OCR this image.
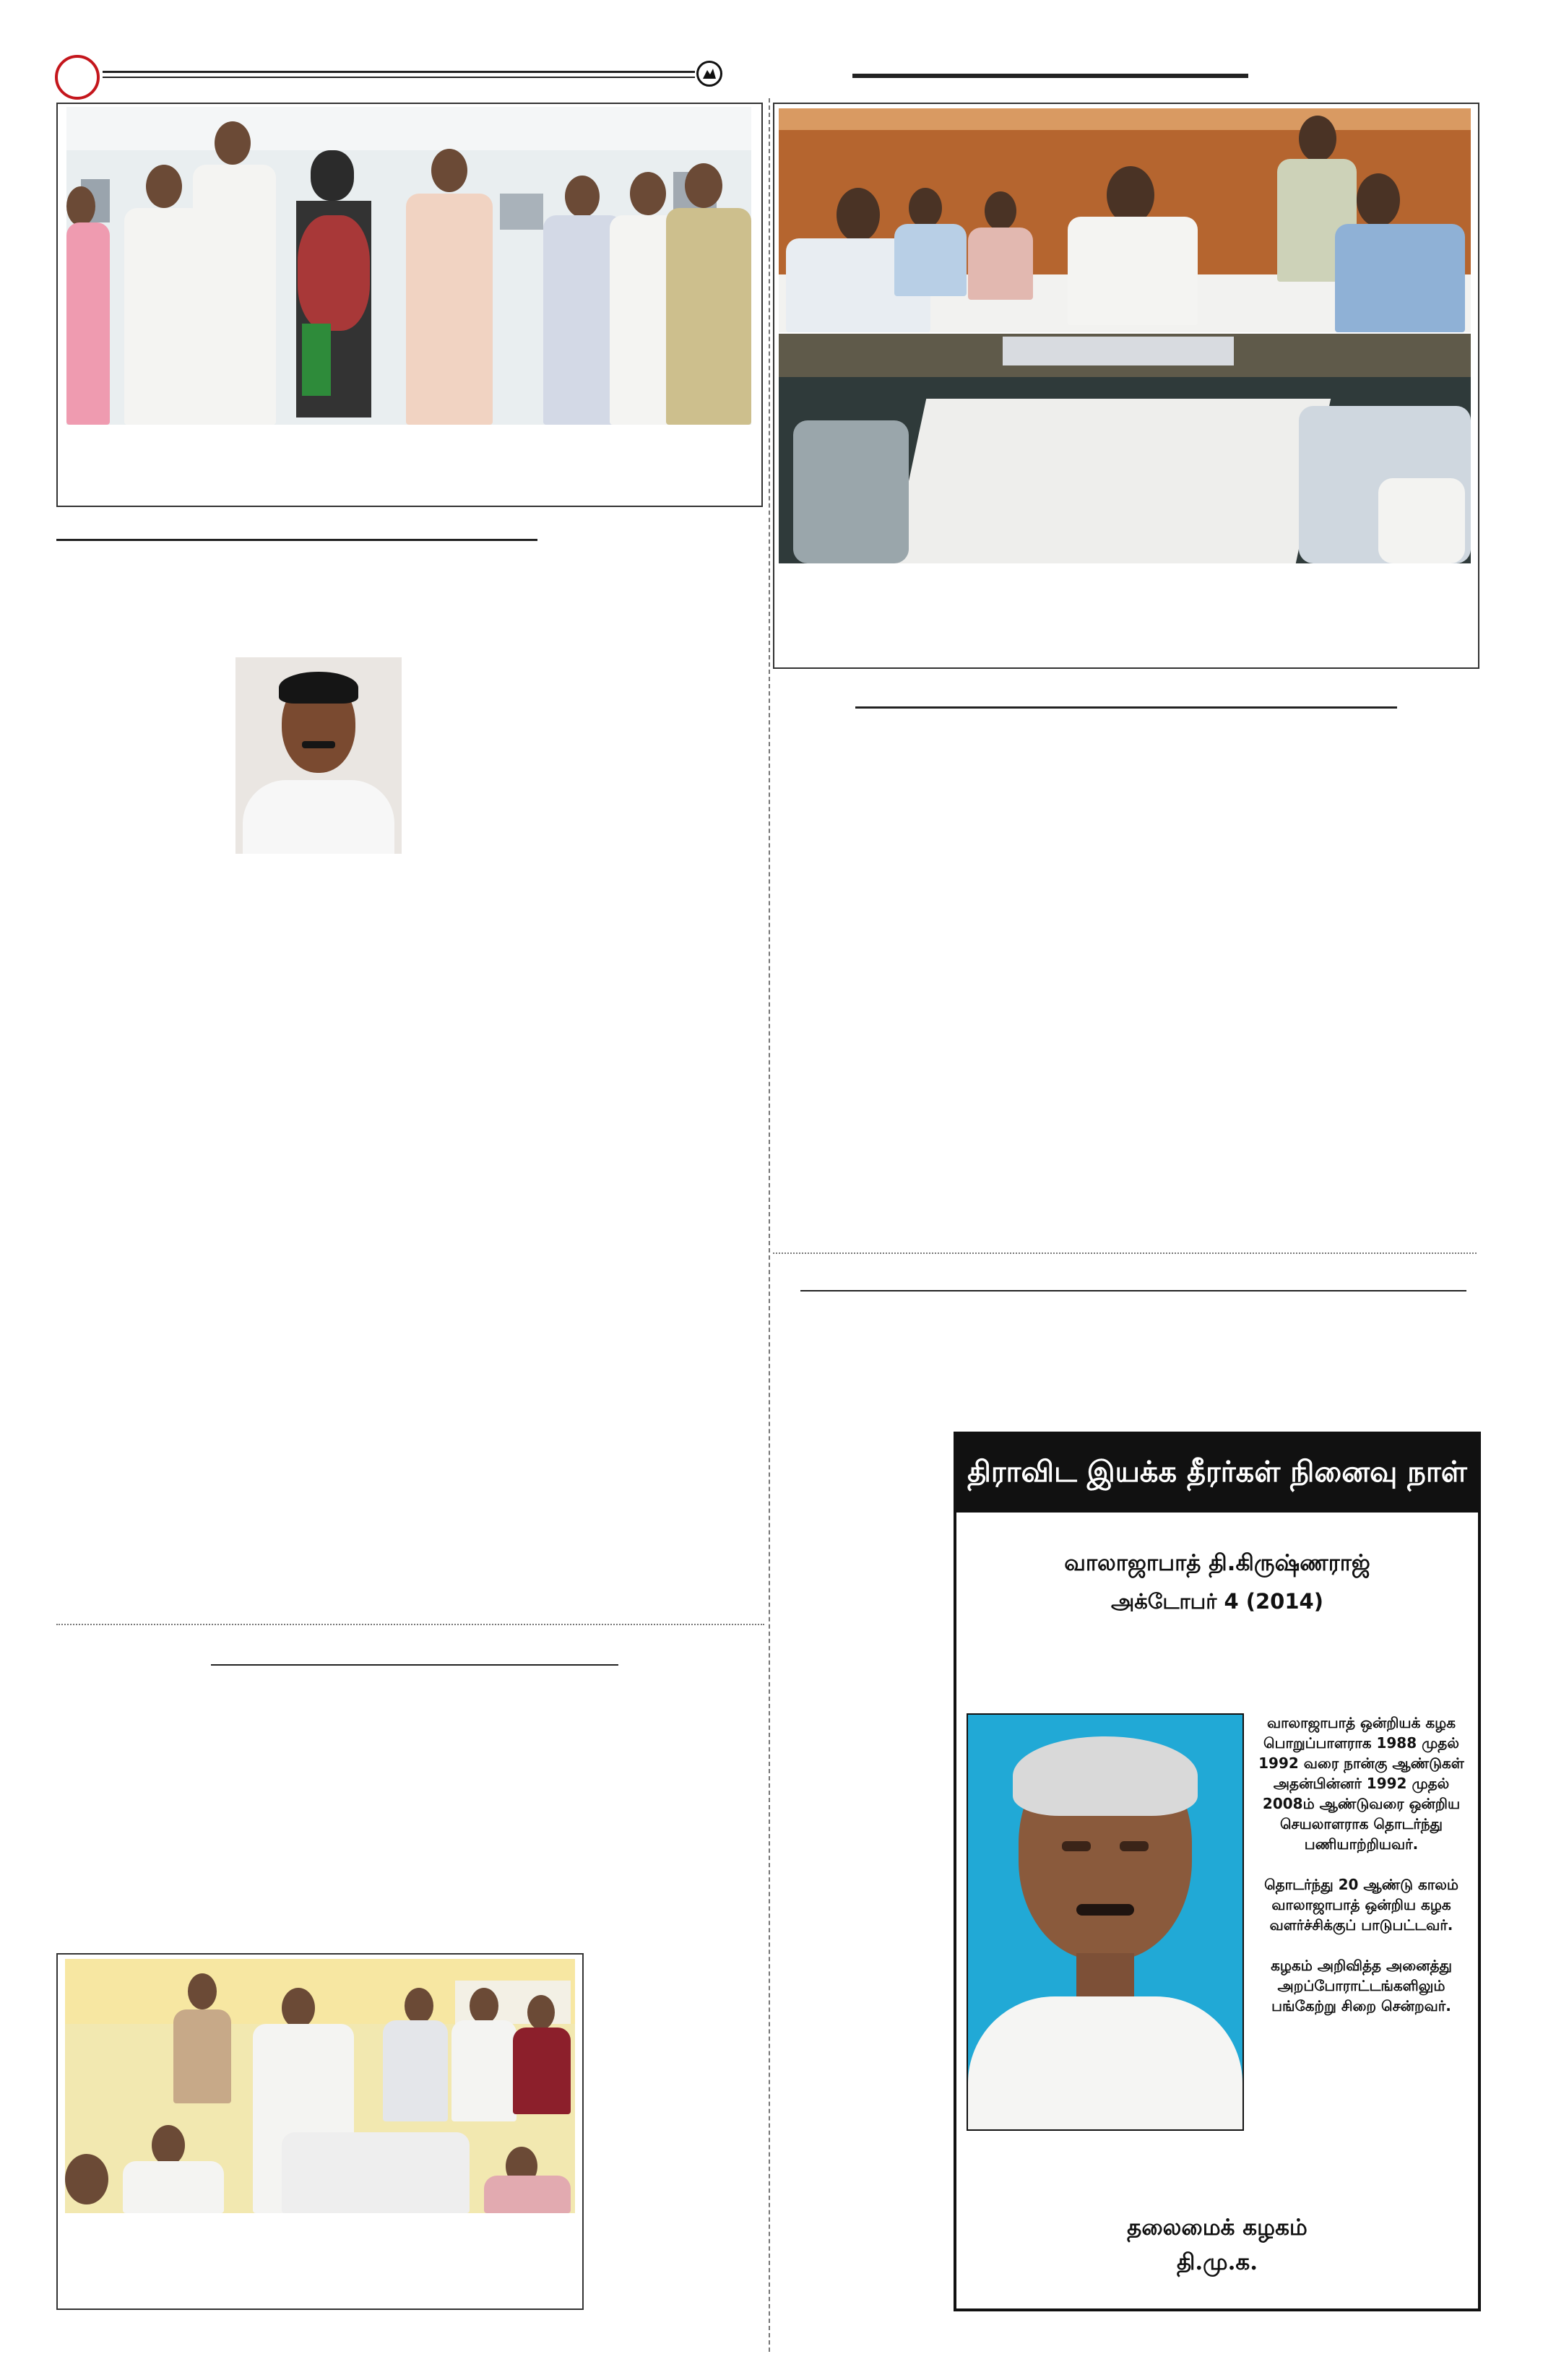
திராவிட இயக்க தீரர்கள் நினைவு நாள்
வாலாஜாபாத் தி.கிருஷ்ணராஜ்
அக்டோபர் 4 (2014)

வாலாஜாபாத் ஒன்றியக் கழக பொறுப்பாளராக 1988 முதல் 1992 வரை நான்கு ஆண்டுகள் அதன்பின்னர் 1992 முதல் 2008ம் ஆண்டுவரை ஒன்றிய செயலாளராக தொடர்ந்து பணியாற்றியவர்.

தொடர்ந்து 20 ஆண்டு காலம் வாலாஜாபாத் ஒன்றிய கழக வளர்ச்சிக்குப் பாடுபட்டவர்.

கழகம் அறிவித்த அனைத்து அறப்போராட்டங்களிலும் பங்கேற்று சிறை சென்றவர்.

தலைமைக் கழகம்
தி.மு.க.
